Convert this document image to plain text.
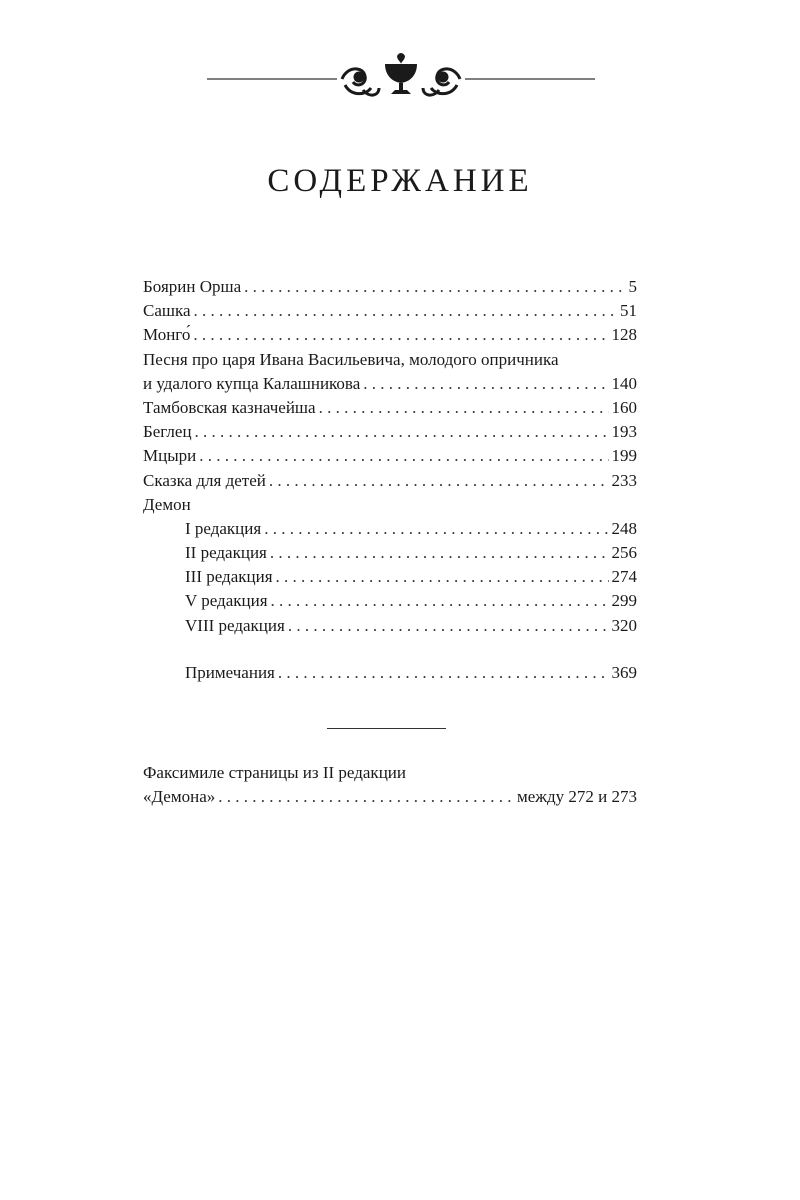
СОДЕРЖАНИЕ
Боярин Орша . . .	5
Сашка . . .	51
Монго́ . . .	128
Песня про царя Ивана Васильевича, молодого опричника
и удалого купца Калашникова . . .	140
Тамбовская казначейша . . .	160
Беглец . . .	193
Мцыри . . .	199
Сказка для детей . . .	233
Демон
I редакция . . .	248
II редакция . . .	256
III редакция . . .	274
V редакция . . .	299
VIII редакция . . .	320
Примечания . . .	369
Факсимиле страницы из II редакции
«Демона» . . .	между 272 и 273
